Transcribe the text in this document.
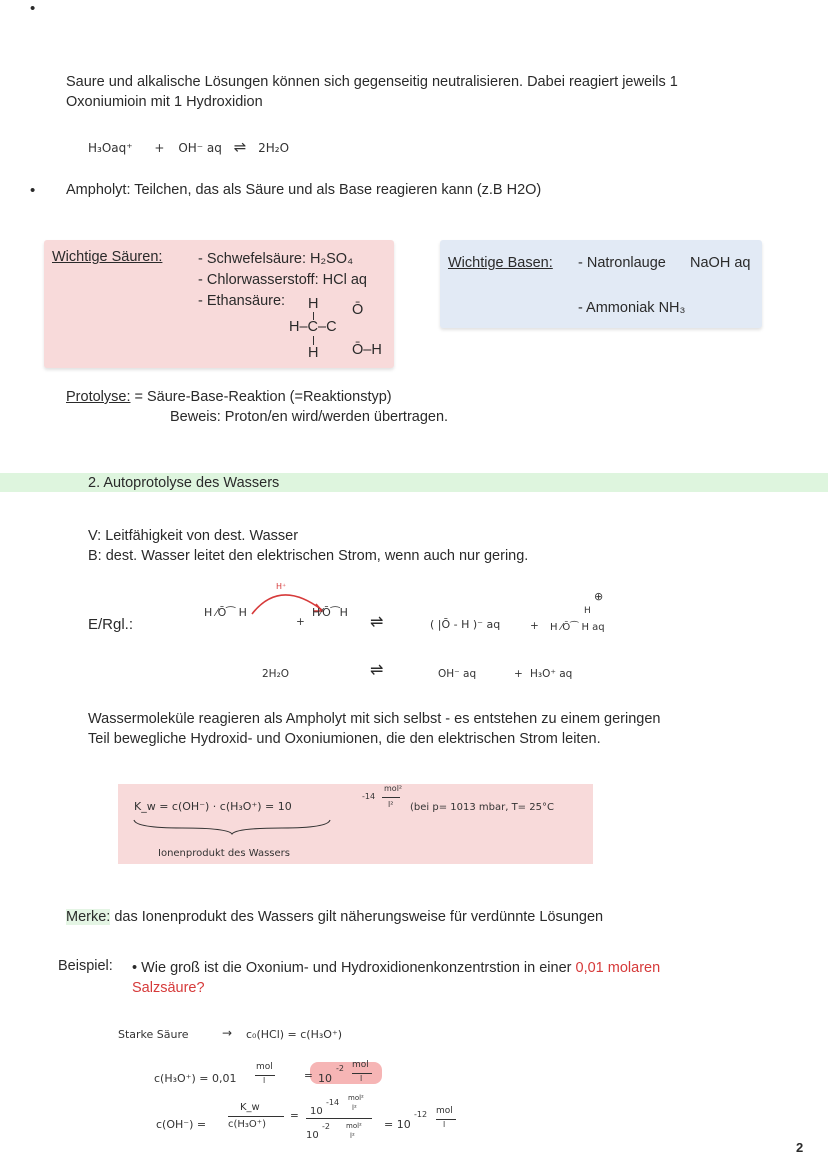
•
Saure und alkalische Lösungen können sich gegenseitig neutralisieren. Dabei reagiert jeweils 1
Oxoniumioin mit 1 Hydroxidion
H₃Oaq⁺ + OH⁻ aq ⇌ 2H₂O
• Ampholyt: Teilchen, das als Säure und als Base reagieren kann (z.B H2O)
Wichtige Säuren: - Schwefelsäure: H₂SO₄
- Chlorwasserstoff: HCl aq
- Ethansäure:	H
H–C–C
Ō
H Ō–H
Wichtige Basen: - Natronlauge NaOH aq
- Ammoniak NH₃
Protolyse: = Säure-Base-Reaktion (=Reaktionstyp)
Beweis: Proton/en wird/werden übertragen.
2. Autoprotolyse des Wassers
V: Leitfähigkeit von dest. Wasser
B: dest. Wasser leitet den elektrischen Strom, wenn auch nur gering.
E/Rgl.:
H⁺
H ⁄Ō⁀ H
+
H⁄Ō⁀H
⇌	( |Ō - H )⁻ aq	+ H ⁄Ō⁀ H aq
H
⊕
2H₂O	⇌	OH⁻ aq	+ H₃O⁺ aq
Wassermoleküle reagieren als Ampholyt mit sich selbst - es entstehen zu einem geringen
Teil bewegliche Hydroxid- und Oxoniumionen, die den elektrischen Strom leiten.
K_w = c(OH⁻) · c(H₃O⁺) = 10
-14
mol²
l² (bei p= 1013 mbar, T= 25°C
Ionenprodukt des Wassers
Merke: das Ionenprodukt des Wassers gilt näherungsweise für verdünnte Lösungen
Beispiel: • Wie groß ist die Oxonium- und Hydroxidionenkonzentrstion in einer 0,01 molaren
Salzsäure?
Starke Säure	→ c₀(HCl) = c(H₃O⁺)
c(H₃O⁺) = 0,01
mol
l	= 10
-2 mol
l
c(OH⁻) =
K_w
c(H₃O⁺)
= 10
-14 mol²
l²
10
-2 mol²
l²
= 10
-12 mol
l
2
